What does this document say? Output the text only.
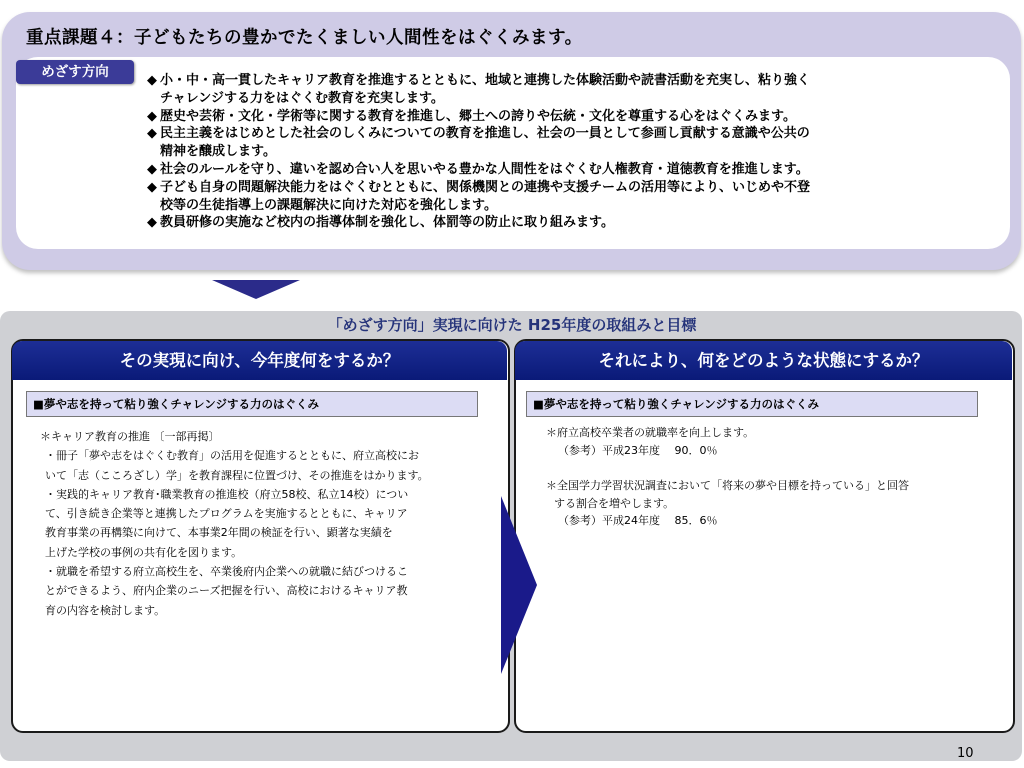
重点課題４：子どもたちの豊かでたくましい人間性をはぐくみます。
めざす方向
◆ 小・中・高一貫したキャリア教育を推進するとともに、地域と連携した体験活動や読書活動を充実し、粘り強く
チャレンジする力をはぐくむ教育を充実します。
◆ 歴史や芸術・文化・学術等に関する教育を推進し、郷土への誇りや伝統・文化を尊重する心をはぐくみます。
◆ 民主主義をはじめとした社会のしくみについての教育を推進し、社会の一員として参画し貢献する意識や公共の
精神を醸成します。
◆ 社会のルールを守り、違いを認め合い人を思いやる豊かな人間性をはぐくむ人権教育・道徳教育を推進します。
◆ 子ども自身の問題解決能力をはぐくむとともに、関係機関との連携や支援チームの活用等により、いじめや不登
校等の生徒指導上の課題解決に向けた対応を強化します。
◆ 教員研修の実施など校内の指導体制を強化し、体罰等の防止に取り組みます。
「めざす方向」実現に向けた H25年度の取組みと目標
その実現に向け、今年度何をするか？	それにより、何をどのような状態にするか？
■夢や志を持って粘り強くチャレンジする力のはぐくみ	■夢や志を持って粘り強くチャレンジする力のはぐくみ
＊キャリア教育の推進 〔一部再掲〕
・冊子「夢や志をはぐくむ教育」の活用を促進するとともに、府立高校にお
いて「志（こころざし）学」を教育課程に位置づけ、その推進をはかります。
・実践的キャリア教育･職業教育の推進校（府立58校、私立14校）につい
て、引き続き企業等と連携したプログラムを実施するとともに、キャリア
教育事業の再構築に向けて、本事業2年間の検証を行い、顕著な実績を
上げた学校の事例の共有化を図ります。
・就職を希望する府立高校生を、卒業後府内企業への就職に結びつけるこ
とができるよう、府内企業のニーズ把握を行い、高校におけるキャリア教
育の内容を検討します。
＊府立高校卒業者の就職率を向上します。
（参考）平成23年度　 90．0％
＊全国学力学習状況調査において「将来の夢や目標を持っている」と回答
する割合を増やします。
（参考）平成24年度　 85．6％
10
